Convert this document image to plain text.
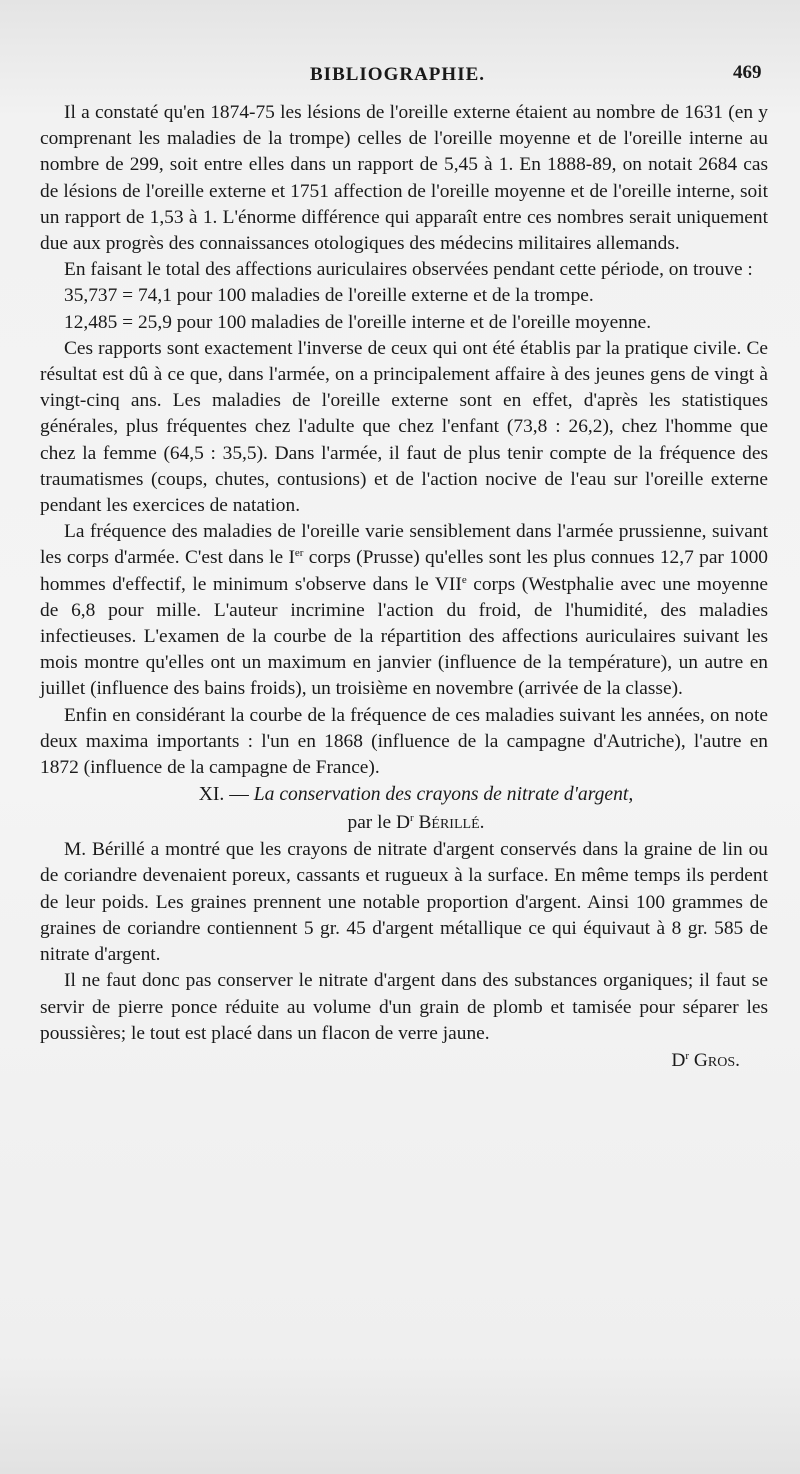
BIBLIOGRAPHIE.	469

Il a constaté qu'en 1874-75 les lésions de l'oreille externe étaient au nombre de 1631 (en y comprenant les maladies de la trompe) celles de l'oreille moyenne et de l'oreille interne au nombre de 299, soit entre elles dans un rapport de 5,45 à 1. En 1888-89, on notait 2684 cas de lésions de l'oreille externe et 1751 affection de l'oreille moyenne et de l'oreille interne, soit un rapport de 1,53 à 1. L'énorme différence qui apparaît entre ces nombres serait uniquement due aux progrès des connaissances otologiques des médecins militaires allemands.

En faisant le total des affections auriculaires observées pendant cette période, on trouve :

35,737 = 74,1 pour 100 maladies de l'oreille externe et de la trompe.

12,485 = 25,9 pour 100 maladies de l'oreille interne et de l'oreille moyenne.

Ces rapports sont exactement l'inverse de ceux qui ont été établis par la pratique civile. Ce résultat est dû à ce que, dans l'armée, on a principalement affaire à des jeunes gens de vingt à vingt-cinq ans. Les maladies de l'oreille externe sont en effet, d'après les statistiques générales, plus fréquentes chez l'adulte que chez l'enfant (73,8 : 26,2), chez l'homme que chez la femme (64,5 : 35,5). Dans l'armée, il faut de plus tenir compte de la fréquence des traumatismes (coups, chutes, contusions) et de l'action nocive de l'eau sur l'oreille externe pendant les exercices de natation.

La fréquence des maladies de l'oreille varie sensiblement dans l'armée prussienne, suivant les corps d'armée. C'est dans le Ier corps (Prusse) qu'elles sont les plus connues 12,7 par 1000 hommes d'effectif, le minimum s'observe dans le VIIe corps (Westphalie avec une moyenne de 6,8 pour mille. L'auteur incrimine l'action du froid, de l'humidité, des maladies infectieuses. L'examen de la courbe de la répartition des affections auriculaires suivant les mois montre qu'elles ont un maximum en janvier (influence de la température), un autre en juillet (influence des bains froids), un troisième en novembre (arrivée de la classe).

Enfin en considérant la courbe de la fréquence de ces maladies suivant les années, on note deux maxima importants : l'un en 1868 (influence de la campagne d'Autriche), l'autre en 1872 (influence de la campagne de France).

XI. — La conservation des crayons de nitrate d'argent,

par le $D^r$ Bérillé.

M. Bérillé a montré que les crayons de nitrate d'argent conservés dans la graine de lin ou de coriandre devenaient poreux, cassants et rugueux à la surface. En même temps ils perdent de leur poids. Les graines prennent une notable proportion d'argent. Ainsi 100 grammes de graines de coriandre contiennent 5 gr. 45 d'argent métallique ce qui équivaut à 8 gr. 585 de nitrate d'argent.

Il ne faut donc pas conserver le nitrate d'argent dans des substances organiques; il faut se servir de pierre ponce réduite au volume d'un grain de plomb et tamisée pour séparer les poussières; le tout est placé dans un flacon de verre jaune.

$D^r$ Gros.
